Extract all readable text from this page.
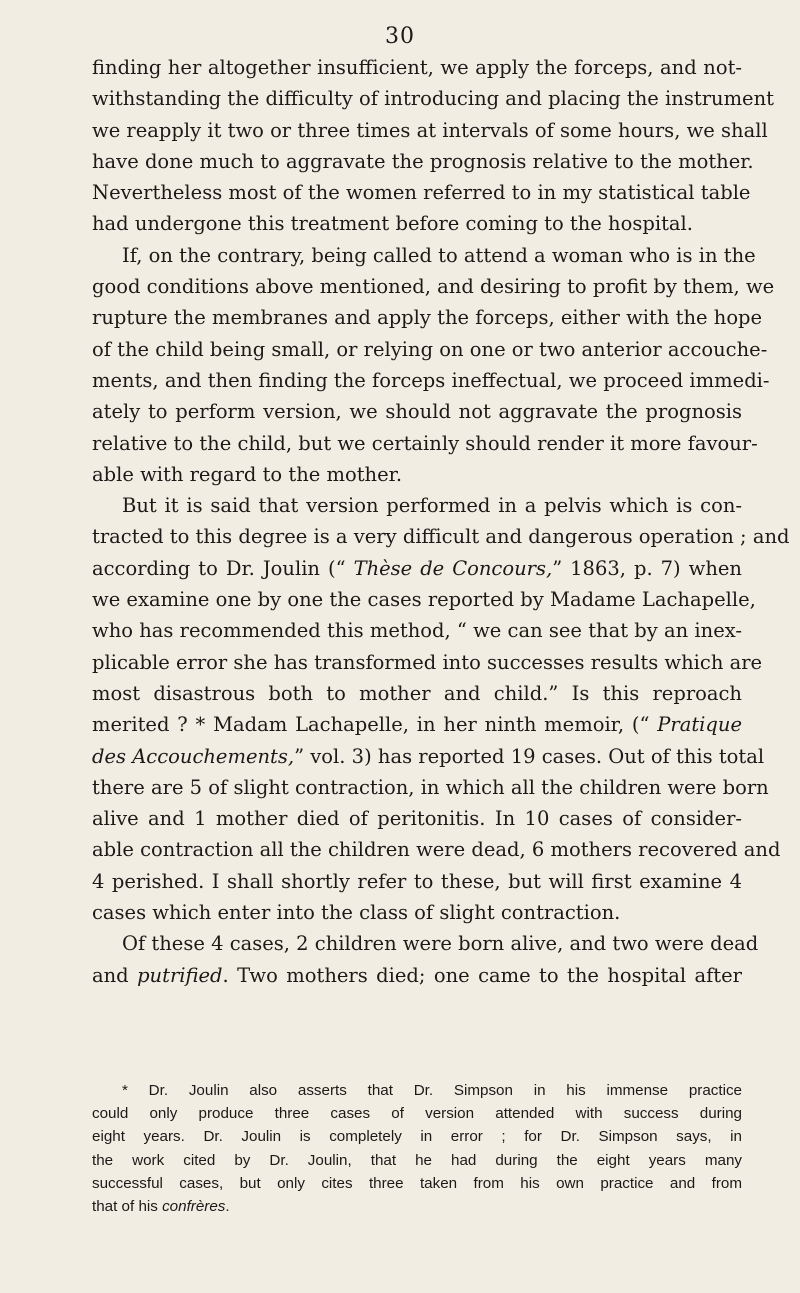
30
finding her altogether insufficient, we apply the forceps, and not-
withstanding the difficulty of introducing and placing the instrument
we reapply it two or three times at intervals of some hours, we shall
have done much to aggravate the prognosis relative to the mother.
Nevertheless most of the women referred to in my statistical table
had undergone this treatment before coming to the hospital.
If, on the contrary, being called to attend a woman who is in the
good conditions above mentioned, and desiring to profit by them, we
rupture the membranes and apply the forceps, either with the hope
of the child being small, or relying on one or two anterior accouche-
ments, and then finding the forceps ineffectual, we proceed immedi-
ately to perform version, we should not aggravate the prognosis
relative to the child, but we certainly should render it more favour-
able with regard to the mother.
But it is said that version performed in a pelvis which is con-
tracted to this degree is a very difficult and dangerous operation ; and
according to Dr. Joulin (“ Thèse de Concours,” 1863, p. 7) when
we examine one by one the cases reported by Madame Lachapelle,
who has recommended this method, “ we can see that by an inex-
plicable error she has transformed into successes results which are
most disastrous both to mother and child.” Is this reproach
merited ? * Madam Lachapelle, in her ninth memoir, (“ Pratique
des Accouchements,” vol. 3) has reported 19 cases. Out of this total
there are 5 of slight contraction, in which all the children were born
alive and 1 mother died of peritonitis. In 10 cases of consider-
able contraction all the children were dead, 6 mothers recovered and
4 perished. I shall shortly refer to these, but will first examine 4
cases which enter into the class of slight contraction.
Of these 4 cases, 2 children were born alive, and two were dead
and putrified. Two mothers died; one came to the hospital after
* Dr. Joulin also asserts that Dr. Simpson in his immense practice
could only produce three cases of version attended with success during
eight years. Dr. Joulin is completely in error ; for Dr. Simpson says, in
the work cited by Dr. Joulin, that he had during the eight years many
successful cases, but only cites three taken from his own practice and from
that of his confrères.
